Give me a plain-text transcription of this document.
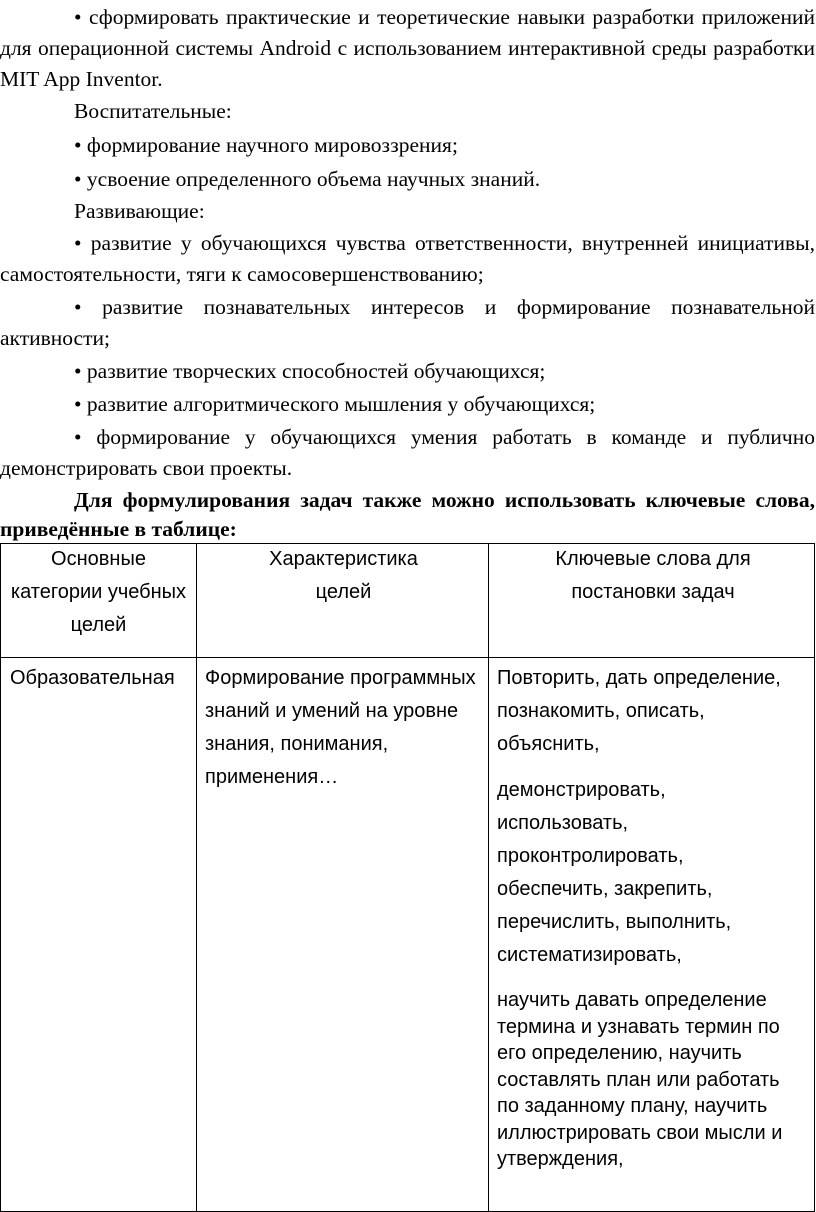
• сформировать практические и теоретические навыки разработки приложений для операционной системы Android с использованием интерактивной среды разработки MIT App Inventor.

Воспитательные:

• формирование научного мировоззрения;

• усвоение определенного объема научных знаний.

Развивающие:

• развитие у обучающихся чувства ответственности, внутренней инициативы, самостоятельности, тяги к самосовершенствованию;

• развитие познавательных интересов и формирование познавательной активности;

• развитие творческих способностей обучающихся;

• развитие алгоритмического мышления у обучающихся;

• формирование у обучающихся умения работать в команде и публично демонстрировать свои проекты.

Для формулирования задач также можно использовать ключевые слова, приведённые в таблице:

Основные категории учебных целей

Характеристика целей

Ключевые слова для постановки задач

Образовательная	Формирование программных знаний и умений на уровне знания, понимания, применения…

Повторить, дать определение, познакомить, описать, объяснить,

демонстрировать, использовать, проконтролировать, обеспечить, закрепить, перечислить, выполнить, систематизировать,

научить давать определение термина и узнавать термин по его определению, научить составлять план или работать по заданному плану, научить иллюстрировать свои мысли и утверждения,
